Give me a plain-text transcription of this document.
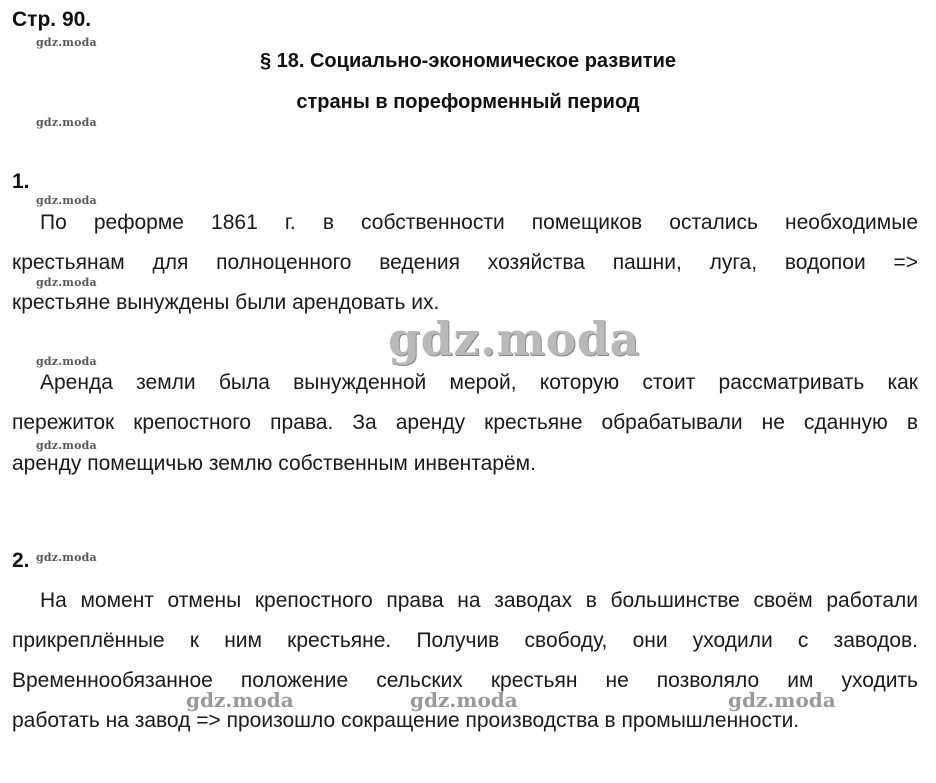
Стр. 90.
gdz.moda
gdz.moda
gdz.moda
gdz.moda
gdz.moda
gdz.moda
gdz.moda
§ 18. Социально-экономическое развитие
страны в пореформенный период
1.
По реформе 1861 г. в собственности помещиков остались необходимые
крестьянам для полноценного ведения хозяйства пашни, луга, водопои =>
крестьяне вынуждены были арендовать их.
gdz.moda
Аренда земли была вынужденной мерой, которую стоит рассматривать как
пережиток крепостного права. За аренду крестьяне обрабатывали не сданную в
аренду помещичью землю собственным инвентарём.
2.
На момент отмены крепостного права на заводах в большинстве своём работали
прикреплённые к ним крестьяне. Получив свободу, они уходили с заводов.
Временнообязанное положение сельских крестьян не позволяло им уходить
gdz.moda	gdz.moda	gdz.moda
работать на завод => произошло сокращение производства в промышленности.
